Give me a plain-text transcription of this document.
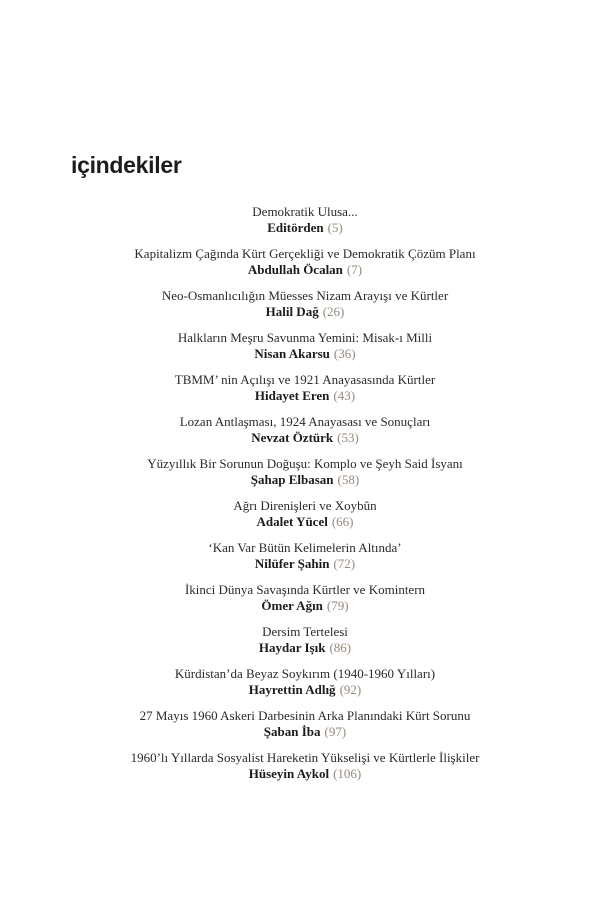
içindekiler
Demokratik Ulusa...
Editörden (5)
Kapitalizm Çağında Kürt Gerçekliği ve Demokratik Çözüm Planı
Abdullah Öcalan (7)
Neo-Osmanlıcılığın Müesses Nizam Arayışı ve Kürtler
Halil Dağ (26)
Halkların Meşru Savunma Yemini: Misak-ı Milli
Nisan Akarsu (36)
TBMM’ nin Açılışı ve 1921 Anayasasında Kürtler
Hidayet Eren (43)
Lozan Antlaşması, 1924 Anayasası ve Sonuçları
Nevzat Öztürk (53)
Yüzyıllık Bir Sorunun Doğuşu: Komplo ve Şeyh Said İsyanı
Şahap Elbasan (58)
Ağrı Direnişleri ve Xoybûn
Adalet Yücel (66)
‘Kan Var Bütün Kelimelerin Altında’
Nilüfer Şahin (72)
İkinci Dünya Savaşında Kürtler ve Komintern
Ömer Ağın (79)
Dersim Tertelesi
Haydar Işık (86)
Kürdistan’da Beyaz Soykırım (1940-1960 Yılları)
Hayrettin Adlığ (92)
27 Mayıs 1960 Askeri Darbesinin Arka Planındaki Kürt Sorunu
Şaban İba (97)
1960’lı Yıllarda Sosyalist Hareketin Yükselişi ve Kürtlerle İlişkiler
Hüseyin Aykol (106)
